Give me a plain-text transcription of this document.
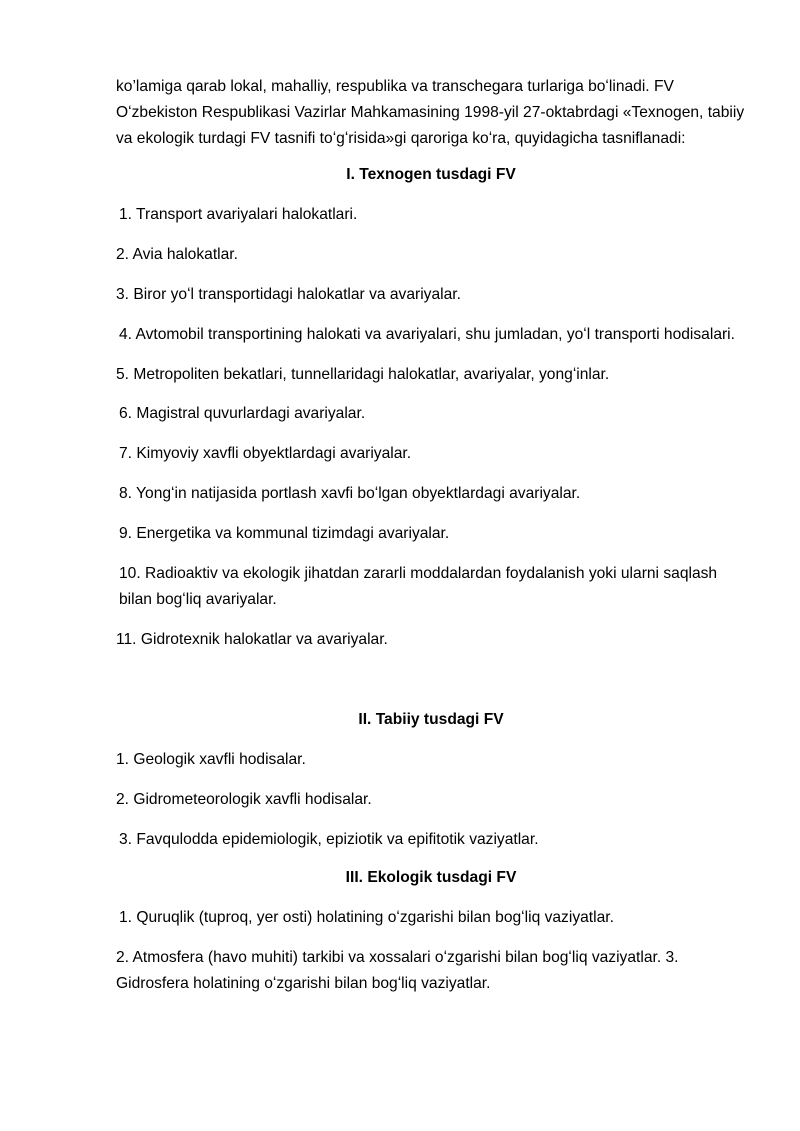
ko’lamiga qarab lokal, mahalliy, respublika va transchegara turlariga boʻlinadi. FV Oʻzbekiston Respublikasi Vazirlar Mahkamasining 1998-yil 27-oktabrdagi «Texnogen, tabiiy va ekologik turdagi FV tasnifi toʻgʻrisida»gi qaroriga koʻra, quyidagicha tasniflanadi:

I. Texnogen tusdagi FV

1. Transport avariyalari halokatlari.

2. Avia halokatlar.

3. Biror yoʻl transportidagi halokatlar va avariyalar.

4. Avtomobil transportining halokati va avariyalari, shu jumladan, yoʻl transporti hodisalari.

5. Metropoliten bekatlari, tunnellaridagi halokatlar, avariyalar, yongʻinlar.

6. Magistral quvurlardagi avariyalar.

7. Kimyoviy xavfli obyektlardagi avariyalar.

8. Yongʻin natijasida portlash xavfi boʻlgan obyektlardagi avariyalar.

9. Energetika va kommunal tizimdagi avariyalar.

10. Radioaktiv va ekologik jihatdan zararli moddalardan foydalanish yoki ularni saqlash bilan bogʻliq avariyalar.

11. Gidrotexnik halokatlar va avariyalar.

II. Tabiiy tusdagi FV

1. Geologik xavfli hodisalar.

2. Gidrometeorologik xavfli hodisalar.

3. Favqulodda epidemiologik, epiziotik va epifitotik vaziyatlar.

III. Ekologik tusdagi FV

1. Quruqlik (tuproq, yer osti) holatining oʻzgarishi bilan bogʻliq vaziyatlar.

2. Atmosfera (havo muhiti) tarkibi va xossalari oʻzgarishi bilan bogʻliq vaziyatlar. 3. Gidrosfera holatining oʻzgarishi bilan bogʻliq vaziyatlar.
